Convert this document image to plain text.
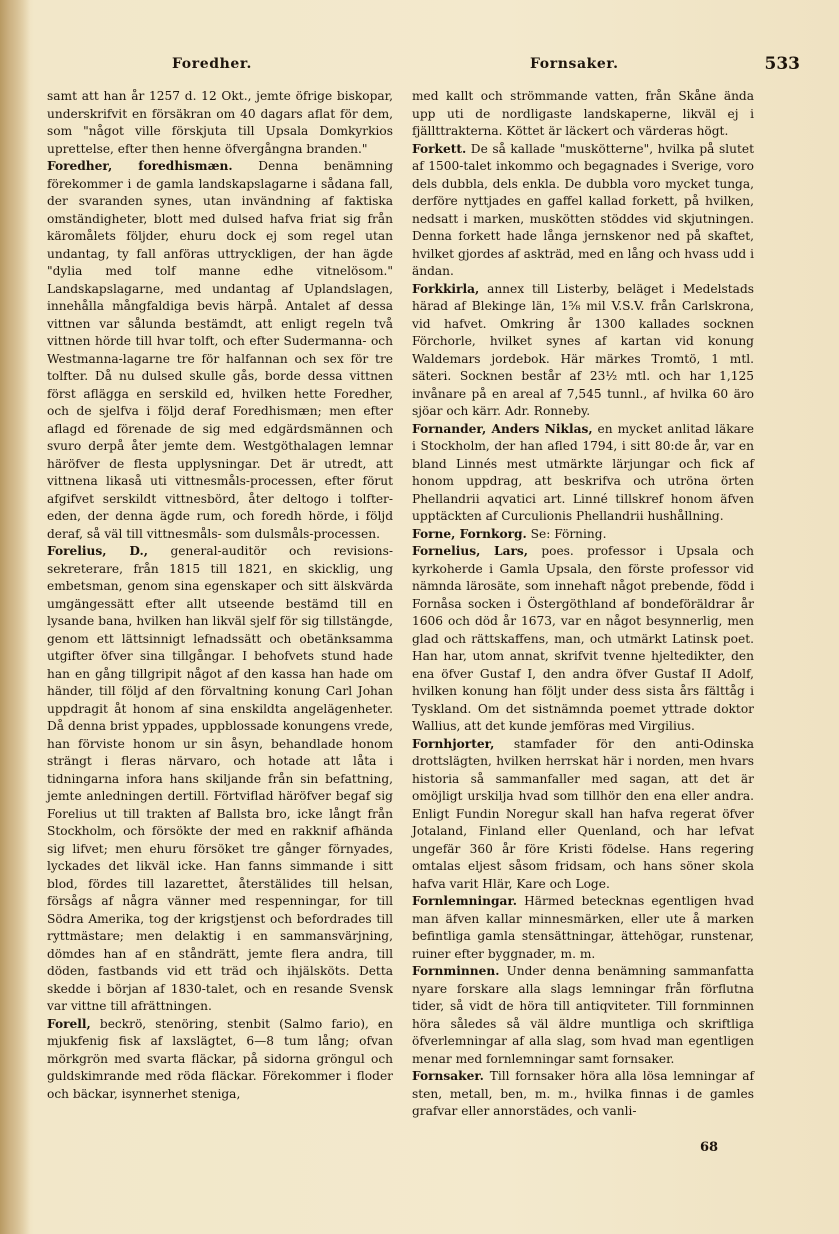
Foredher.	Fornsaker.	533

samt att han år 1257 d. 12 Okt., jemte öfrige biskopar, underskrifvit en försäkran om 40 dagars aflat för dem, som "något ville förskjuta till Upsala Domkyrkios uprettelse, efter then henne öfvergångna branden."

Foredher, foredhismæn. Denna benämning förekommer i de gamla landskapslagarne i sådana fall, der svaranden synes, utan invändning af faktiska omständigheter, blott med dulsed hafva friat sig från käromålets följder, ehuru dock ej som regel utan undantag, ty fall anföras uttryckligen, der han ägde "dylia med tolf manne edhe vitnelösom." Landskapslagarne, med undantag af Uplandslagen, innehålla mångfaldiga bevis härpå. Antalet af dessa vittnen var sålunda bestämdt, att enligt regeln två vittnen hörde till hvar tolft, och efter Sudermanna- och Westmanna-lagarne tre för halfannan och sex för tre tolfter. Då nu dulsed skulle gås, borde dessa vittnen först aflägga en serskild ed, hvilken hette Foredher, och de sjelfva i följd deraf Foredhismæn; men efter aflagd ed förenade de sig med edgärdsmännen och svuro derpå åter jemte dem. Westgöthalagen lemnar häröfver de flesta upplysningar. Det är utredt, att vittnena likaså uti vittnesmåls-processen, efter förut afgifvet serskildt vittnesbörd, åter deltogo i tolfter-eden, der denna ägde rum, och foredh hörde, i följd deraf, så väl till vittnesmåls- som dulsmåls-processen.

Forelius, D., general-auditör och revisions-sekreterare, från 1815 till 1821, en skicklig, ung embetsman, genom sina egenskaper och sitt älskvärda umgängessätt efter allt utseende bestämd till en lysande bana, hvilken han likväl sjelf för sig tillstängde, genom ett lättsinnigt lefnadssätt och obetänksamma utgifter öfver sina tillgångar. I behofvets stund hade han en gång tillgripit något af den kassa han hade om händer, till följd af den förvaltning konung Carl Johan uppdragit åt honom af sina enskildta angelägenheter. Då denna brist yppades, uppblossade konungens vrede, han förviste honom ur sin åsyn, behandlade honom strängt i fleras närvaro, och hotade att låta i tidningarna infora hans skiljande från sin befattning, jemte anledningen dertill. Förtviflad häröfver begaf sig Forelius ut till trakten af Ballsta bro, icke långt från Stockholm, och försökte der med en rakknif afhända sig lifvet; men ehuru försöket tre gånger förnyades, lyckades det likväl icke. Han fanns simmande i sitt blod, fördes till lazarettet, återstälides till helsan, försågs af några vänner med respenningar, for till Södra Amerika, tog der krigstjenst och befordrades till ryttmästare; men delaktig i en sammansvärjning, dömdes han af en ståndrätt, jemte flera andra, till döden, fastbands vid ett träd och ihjälsköts. Detta skedde i början af 1830-talet, och en resande Svensk var vittne till afrättningen.

Forell, beckrö, stenöring, stenbit (Salmo fario), en mjukfenig fisk af laxslägtet, 6—8 tum lång; ofvan mörkgrön med svarta fläckar, på sidorna gröngul och guldskimrande med röda fläckar. Förekommer i floder och bäckar, isynnerhet steniga,

med kallt och strömmande vatten, från Skåne ända upp uti de nordligaste landskaperne, likväl ej i fjällttrakterna. Köttet är läckert och värderas högt.

Forkett. De så kallade "muskötterne", hvilka på slutet af 1500-talet inkommo och begagnades i Sverige, voro dels dubbla, dels enkla. De dubbla voro mycket tunga, derföre nyttjades en gaffel kallad forkett, på hvilken, nedsatt i marken, muskötten stöddes vid skjutningen. Denna forkett hade långa jernskenor ned på skaftet, hvilket gjordes af askträd, med en lång och hvass udd i ändan.

Forkkirla, annex till Listerby, beläget i Medelstads härad af Blekinge län, 1⅝ mil V.S.V. från Carlskrona, vid hafvet. Omkring år 1300 kallades socknen Förchorle, hvilket synes af kartan vid konung Waldemars jordebok. Här märkes Tromtö, 1 mtl. säteri. Socknen består af 23½ mtl. och har 1,125 invånare på en areal af 7,545 tunnl., af hvilka 60 äro sjöar och kärr. Adr. Ronneby.

Fornander, Anders Niklas, en mycket anlitad läkare i Stockholm, der han afled 1794, i sitt 80:de år, var en bland Linnés mest utmärkte lärjungar och fick af honom uppdrag, att beskrifva och utröna örten Phellandrii aqvatici art. Linné tillskref honom äfven upptäckten af Curculionis Phellandrii hushållning.

Forne, Fornkorg. Se: Förning.

Fornelius, Lars, poes. professor i Upsala och kyrkoherde i Gamla Upsala, den förste professor vid nämnda lärosäte, som innehaft något prebende, född i Fornåsa socken i Östergöthland af bondeföräldrar år 1606 och död år 1673, var en något besynnerlig, men glad och rättskaffens, man, och utmärkt Latinsk poet. Han har, utom annat, skrifvit tvenne hjeltedikter, den ena öfver Gustaf I, den andra öfver Gustaf II Adolf, hvilken konung han följt under dess sista års fälttåg i Tyskland. Om det sistnämnda poemet yttrade doktor Wallius, att det kunde jemföras med Virgilius.

Fornhjorter, stamfader för den anti-Odinska drottslägten, hvilken herrskat här i norden, men hvars historia så sammanfaller med sagan, att det är omöjligt urskilja hvad som tillhör den ena eller andra. Enligt Fundin Noregur skall han hafva regerat öfver Jotaland, Finland eller Quenland, och har lefvat ungefär 360 år före Kristi födelse. Hans regering omtalas eljest såsom fridsam, och hans söner skola hafva varit Hlär, Kare och Loge.

Fornlemningar. Härmed betecknas egentligen hvad man äfven kallar minnesmärken, eller ute å marken befintliga gamla stensättningar, ättehögar, runstenar, ruiner efter byggnader, m. m.

Fornminnen. Under denna benämning sammanfatta nyare forskare alla slags lemningar från förflutna tider, så vidt de höra till antiqviteter. Till fornminnen höra således så väl äldre muntliga och skriftliga öfverlemningar af alla slag, som hvad man egentligen menar med fornlemningar samt fornsaker.

Fornsaker. Till fornsaker höra alla lösa lemningar af sten, metall, ben, m. m., hvilka finnas i de gamles grafvar eller annorstädes, och vanli-

68
